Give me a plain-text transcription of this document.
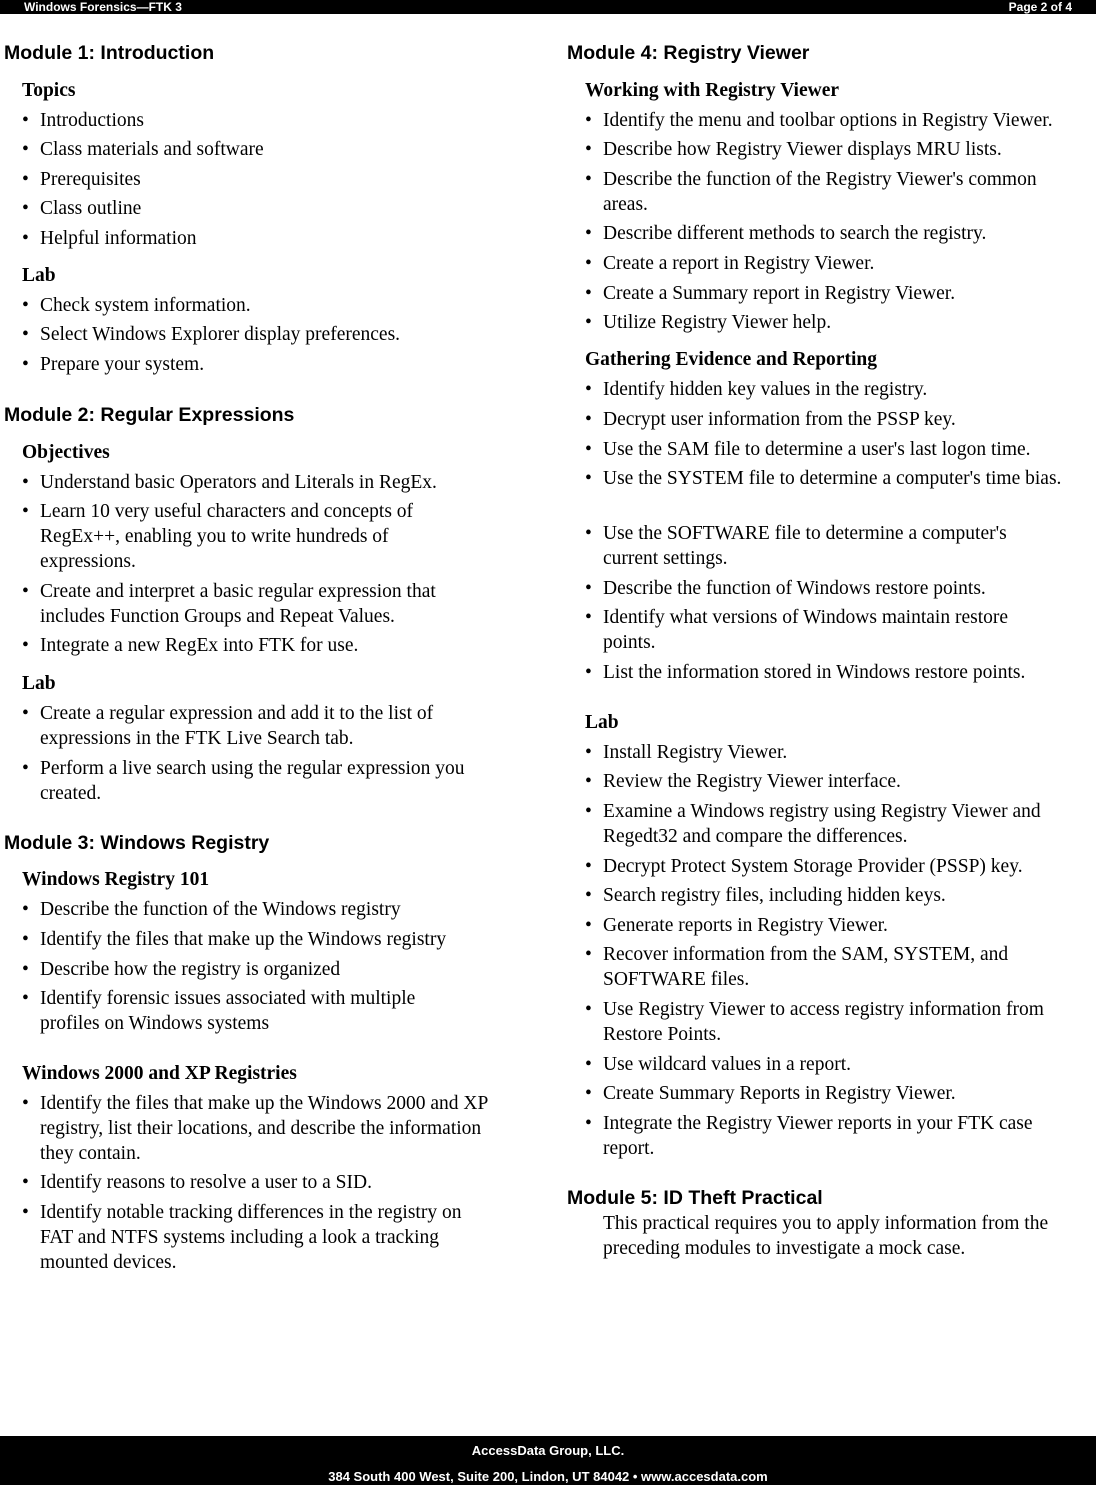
Windows Forensics—FTK 3	Page 2 of 4
Module 1: Introduction
Topics
• Introductions
• Class materials and software
• Prerequisites
• Class outline
• Helpful information
Lab
• Check system information.
• Select Windows Explorer display preferences.
• Prepare your system.
Module 2: Regular Expressions
Objectives
• Understand basic Operators and Literals in RegEx.
• Learn 10 very useful characters and concepts of RegEx++, enabling you to write hundreds of expressions.
• Create and interpret a basic regular expression that includes Function Groups and Repeat Values.
• Integrate a new RegEx into FTK for use.
Lab
• Create a regular expression and add it to the list of expressions in the FTK Live Search tab.
• Perform a live search using the regular expression you created.
Module 3: Windows Registry
Windows Registry 101
• Describe the function of the Windows registry
• Identify the files that make up the Windows registry
• Describe how the registry is organized
• Identify forensic issues associated with multiple profiles on Windows systems
Windows 2000 and XP Registries
• Identify the files that make up the Windows 2000 and XP registry, list their locations, and describe the information they contain.
• Identify reasons to resolve a user to a SID.
• Identify notable tracking differences in the registry on FAT and NTFS systems including a look a tracking mounted devices.
Module 4: Registry Viewer
Working with Registry Viewer
• Identify the menu and toolbar options in Registry Viewer.
• Describe how Registry Viewer displays MRU lists.
• Describe the function of the Registry Viewer's common areas.
• Describe different methods to search the registry.
• Create a report in Registry Viewer.
• Create a Summary report in Registry Viewer.
• Utilize Registry Viewer help.
Gathering Evidence and Reporting
• Identify hidden key values in the registry.
• Decrypt user information from the PSSP key.
• Use the SAM file to determine a user's last logon time.
• Use the SYSTEM file to determine a computer's time bias.
• Use the SOFTWARE file to determine a computer's current settings.
• Describe the function of Windows restore points.
• Identify what versions of Windows maintain restore points.
• List the information stored in Windows restore points.
Lab
• Install Registry Viewer.
• Review the Registry Viewer interface.
• Examine a Windows registry using Registry Viewer and Regedt32 and compare the differences.
• Decrypt Protect System Storage Provider (PSSP) key.
• Search registry files, including hidden keys.
• Generate reports in Registry Viewer.
• Recover information from the SAM, SYSTEM, and SOFTWARE files.
• Use Registry Viewer to access registry information from Restore Points.
• Use wildcard values in a report.
• Create Summary Reports in Registry Viewer.
• Integrate the Registry Viewer reports in your FTK case report.
Module 5: ID Theft Practical
This practical requires you to apply information from the preceding modules to investigate a mock case.
AccessData Group, LLC.
384 South 400 West, Suite 200, Lindon, UT 84042 • www.accesdata.com
